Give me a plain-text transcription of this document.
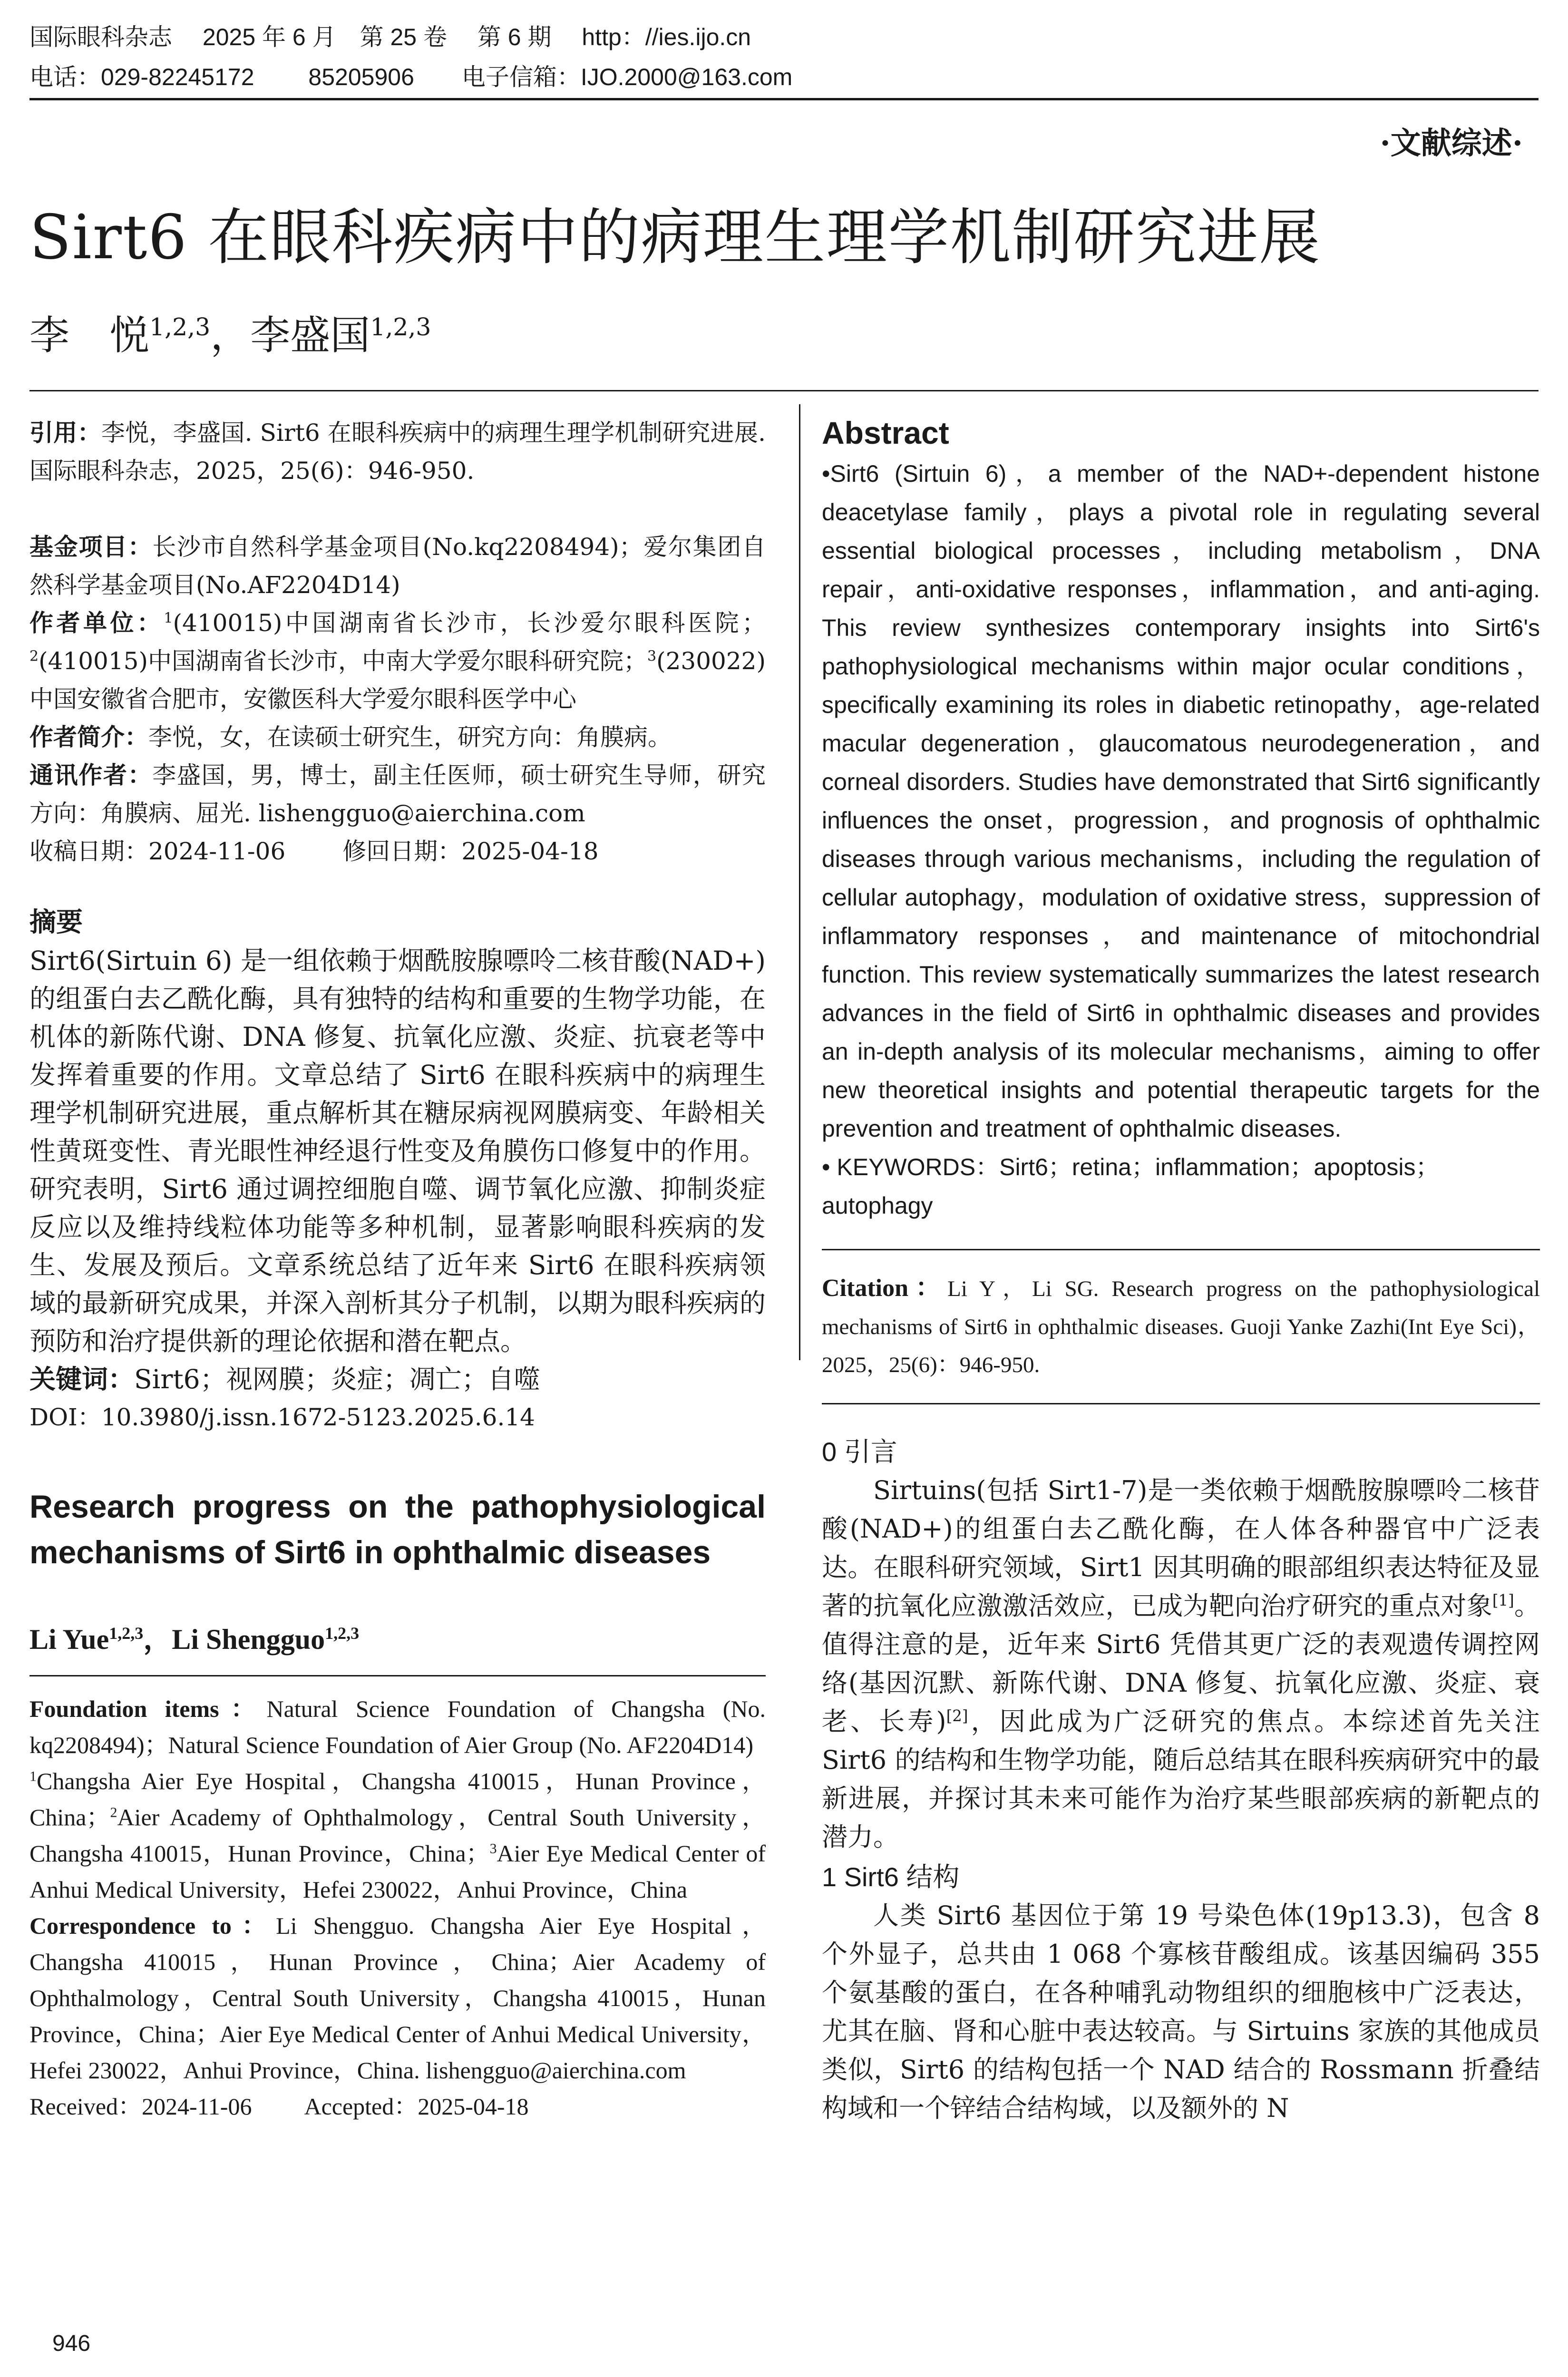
国际眼科杂志　 2025 年 6 月　第 25 卷　 第 6 期　 http：//ies.ijo.cn
电话：029-82245172　　 85205906　　电子信箱：IJO.2000@163.com
·文献综述·
Sirt6 在眼科疾病中的病理生理学机制研究进展
李　悦$^{1,2,3}$，李盛国$^{1,2,3}$
引用：李悦，李盛国. Sirt6 在眼科疾病中的病理生理学机制研究进展. 国际眼科杂志，2025，25(6)：946-950.
基金项目：长沙市自然科学基金项目(No.kq2208494)；爱尔集团自然科学基金项目(No.AF2204D14)
作者单位：$^1$(410015)中国湖南省长沙市，长沙爱尔眼科医院；$^2$(410015)中国湖南省长沙市，中南大学爱尔眼科研究院；$^3$(230022)中国安徽省合肥市，安徽医科大学爱尔眼科医学中心
作者简介：李悦，女，在读硕士研究生，研究方向：角膜病。
通讯作者：李盛国，男，博士，副主任医师，硕士研究生导师，研究方向：角膜病、屈光. lishengguo@aierchina.com
收稿日期：2024-11-06 修回日期：2025-04-18
摘要
Sirt6(Sirtuin 6) 是一组依赖于烟酰胺腺嘌呤二核苷酸(NAD+)的组蛋白去乙酰化酶，具有独特的结构和重要的生物学功能，在机体的新陈代谢、DNA 修复、抗氧化应激、炎症、抗衰老等中发挥着重要的作用。文章总结了 Sirt6 在眼科疾病中的病理生理学机制研究进展，重点解析其在糖尿病视网膜病变、年龄相关性黄斑变性、青光眼性神经退行性变及角膜伤口修复中的作用。研究表明，Sirt6 通过调控细胞自噬、调节氧化应激、抑制炎症反应以及维持线粒体功能等多种机制，显著影响眼科疾病的发生、发展及预后。文章系统总结了近年来 Sirt6 在眼科疾病领域的最新研究成果，并深入剖析其分子机制，以期为眼科疾病的预防和治疗提供新的理论依据和潜在靶点。
关键词：Sirt6；视网膜；炎症；凋亡；自噬
DOI：10.3980/j.issn.1672-5123.2025.6.14
Research progress on the pathophysiological mechanisms of Sirt6 in ophthalmic diseases
Li Yue$^{1,2,3}$，Li Shengguo$^{1,2,3}$
Foundation items：Natural Science Foundation of Changsha (No. kq2208494)；Natural Science Foundation of Aier Group (No. AF2204D14)
$^1$Changsha Aier Eye Hospital，Changsha 410015，Hunan Province，China；$^2$Aier Academy of Ophthalmology，Central South University，Changsha 410015，Hunan Province，China；$^3$Aier Eye Medical Center of Anhui Medical University，Hefei 230022，Anhui Province，China
Correspondence to：Li Shengguo. Changsha Aier Eye Hospital，Changsha 410015，Hunan Province，China；Aier Academy of Ophthalmology，Central South University，Changsha 410015，Hunan Province，China；Aier Eye Medical Center of Anhui Medical University，Hefei 230022，Anhui Province，China. lishengguo@aierchina.com
Received：2024-11-06 Accepted：2025-04-18
Abstract
•Sirt6 (Sirtuin 6)，a member of the NAD+-dependent histone deacetylase family，plays a pivotal role in regulating several essential biological processes，including metabolism，DNA repair，anti-oxidative responses，inflammation，and anti-aging. This review synthesizes contemporary insights into Sirt6's pathophysiological mechanisms within major ocular conditions，specifically examining its roles in diabetic retinopathy，age-related macular degeneration，glaucomatous neurodegeneration，and corneal disorders. Studies have demonstrated that Sirt6 significantly influences the onset，progression，and prognosis of ophthalmic diseases through various mechanisms，including the regulation of cellular autophagy，modulation of oxidative stress，suppression of inflammatory responses，and maintenance of mitochondrial function. This review systematically summarizes the latest research advances in the field of Sirt6 in ophthalmic diseases and provides an in-depth analysis of its molecular mechanisms，aiming to offer new theoretical insights and potential therapeutic targets for the prevention and treatment of ophthalmic diseases.
• KEYWORDS：Sirt6；retina；inflammation；apoptosis；autophagy
Citation：Li Y，Li SG. Research progress on the pathophysiological mechanisms of Sirt6 in ophthalmic diseases. Guoji Yanke Zazhi(Int Eye Sci)，2025，25(6)：946-950.
0 引言
Sirtuins(包括 Sirt1-7)是一类依赖于烟酰胺腺嘌呤二核苷酸(NAD+)的组蛋白去乙酰化酶，在人体各种器官中广泛表达。在眼科研究领域，Sirt1 因其明确的眼部组织表达特征及显著的抗氧化应激激活效应，已成为靶向治疗研究的重点对象[1]。值得注意的是，近年来 Sirt6 凭借其更广泛的表观遗传调控网络(基因沉默、新陈代谢、DNA 修复、抗氧化应激、炎症、衰老、长寿)[2]，因此成为广泛研究的焦点。本综述首先关注 Sirt6 的结构和生物学功能，随后总结其在眼科疾病研究中的最新进展，并探讨其未来可能作为治疗某些眼部疾病的新靶点的潜力。
1 Sirt6 结构
人类 Sirt6 基因位于第 19 号染色体(19p13.3)，包含 8 个外显子，总共由 1 068 个寡核苷酸组成。该基因编码 355 个氨基酸的蛋白，在各种哺乳动物组织的细胞核中广泛表达，尤其在脑、肾和心脏中表达较高。与 Sirtuins 家族的其他成员类似，Sirt6 的结构包括一个 NAD 结合的 Rossmann 折叠结构域和一个锌结合结构域，以及额外的 N
946
